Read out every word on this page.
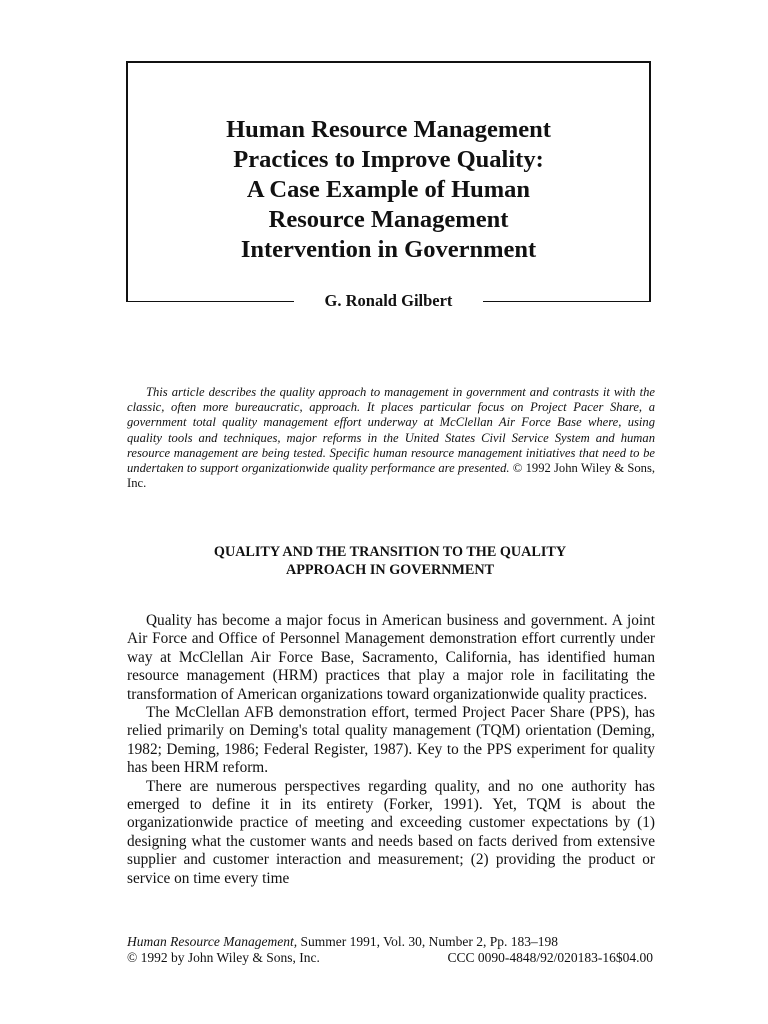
Human Resource Management
Practices to Improve Quality:
A Case Example of Human
Resource Management
Intervention in Government
G. Ronald Gilbert
This article describes the quality approach to management in government and contrasts it with the classic, often more bureaucratic, approach. It places particular focus on Project Pacer Share, a government total quality management effort underway at McClellan Air Force Base where, using quality tools and techniques, major reforms in the United States Civil Service System and human resource management are being tested. Specific human resource management initiatives that need to be undertaken to support organizationwide quality performance are presented. © 1992 John Wiley & Sons, Inc.
QUALITY AND THE TRANSITION TO THE QUALITY
APPROACH IN GOVERNMENT

Quality has become a major focus in American business and government. A joint Air Force and Office of Personnel Management demonstration effort currently under way at McClellan Air Force Base, Sacramento, California, has identified human resource management (HRM) practices that play a major role in facilitating the transformation of American organizations toward organizationwide quality practices.

The McClellan AFB demonstration effort, termed Project Pacer Share (PPS), has relied primarily on Deming's total quality management (TQM) orientation (Deming, 1982; Deming, 1986; Federal Register, 1987). Key to the PPS experiment for quality has been HRM reform.

There are numerous perspectives regarding quality, and no one authority has emerged to define it in its entirety (Forker, 1991). Yet, TQM is about the organizationwide practice of meeting and exceeding customer expectations by (1) designing what the customer wants and needs based on facts derived from extensive supplier and customer interaction and measurement; (2) providing the product or service on time every time

Human Resource Management, Summer 1991, Vol. 30, Number 2, Pp. 183–198
© 1992 by John Wiley & Sons, Inc.	CCC 0090-4848/92/020183-16$04.00
